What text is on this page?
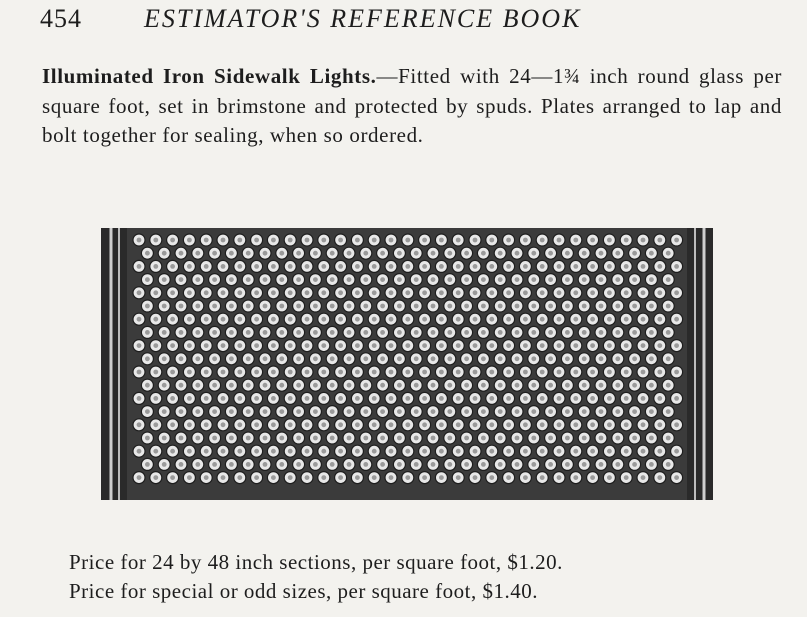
454 ESTIMATOR'S REFERENCE BOOK

Illuminated Iron Sidewalk Lights.—Fitted with 24—1¾ inch round glass per square foot, set in brimstone and protected by spuds. Plates arranged to lap and bolt together for sealing, when so ordered.

Price for 24 by 48 inch sections, per square foot, $1.20.
Price for special or odd sizes, per square foot, $1.40.
